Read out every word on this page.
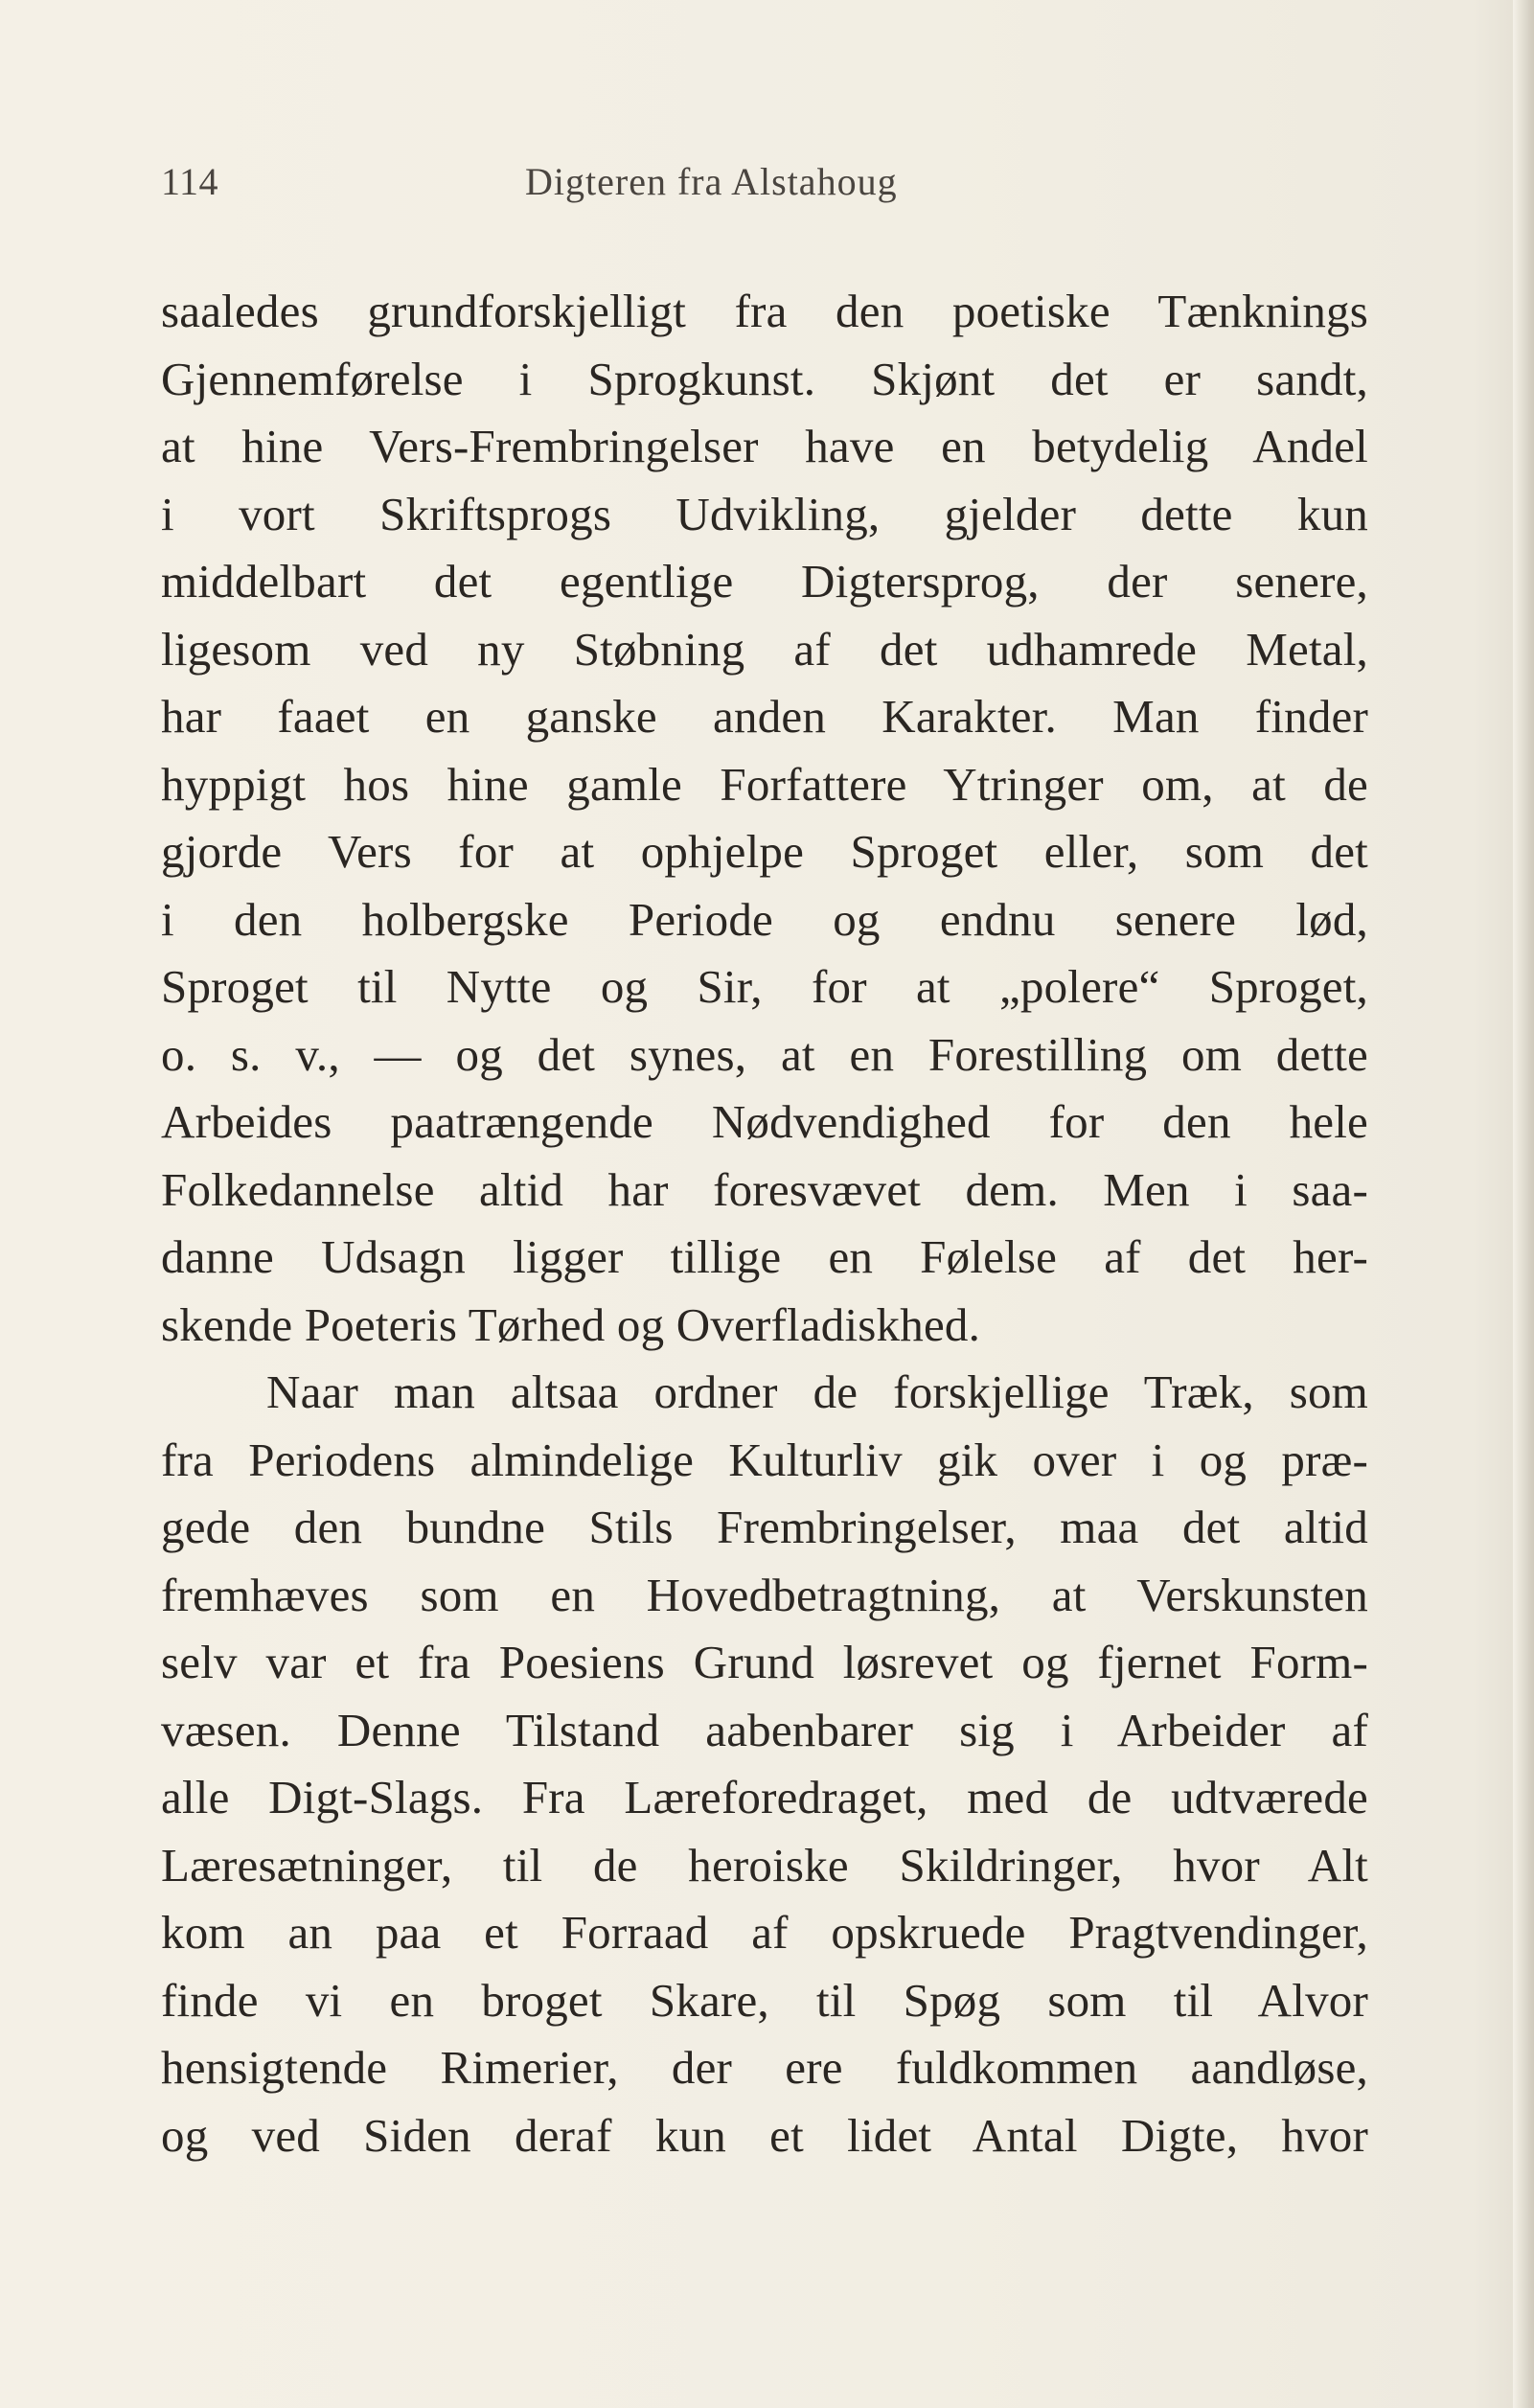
114	Digteren fra Alstahoug
saaledes grundforskjelligt fra den poetiske Tænknings
Gjennemførelse i Sprogkunst. Skjønt det er sandt,
at hine Vers-Frembringelser have en betydelig Andel
i vort Skriftsprogs Udvikling, gjelder dette kun
middelbart det egentlige Digtersprog, der senere,
ligesom ved ny Støbning af det udhamrede Metal,
har faaet en ganske anden Karakter. Man finder
hyppigt hos hine gamle Forfattere Ytringer om, at de
gjorde Vers for at ophjelpe Sproget eller, som det
i den holbergske Periode og endnu senere lød,
Sproget til Nytte og Sir, for at „polere“ Sproget,
o. s. v., — og det synes, at en Forestilling om dette
Arbeides paatrængende Nødvendighed for den hele
Folkedannelse altid har foresvævet dem. Men i saa-
danne Udsagn ligger tillige en Følelse af det her-
skende Poeteris Tørhed og Overfladiskhed.
Naar man altsaa ordner de forskjellige Træk, som
fra Periodens almindelige Kulturliv gik over i og præ-
gede den bundne Stils Frembringelser, maa det altid
fremhæves som en Hovedbetragtning, at Verskunsten
selv var et fra Poesiens Grund løsrevet og fjernet Form-
væsen. Denne Tilstand aabenbarer sig i Arbeider af
alle Digt-Slags. Fra Læreforedraget, med de udtværede
Læresætninger, til de heroiske Skildringer, hvor Alt
kom an paa et Forraad af opskruede Pragtvendinger,
finde vi en broget Skare, til Spøg som til Alvor
hensigtende Rimerier, der ere fuldkommen aandløse,
og ved Siden deraf kun et lidet Antal Digte, hvor
